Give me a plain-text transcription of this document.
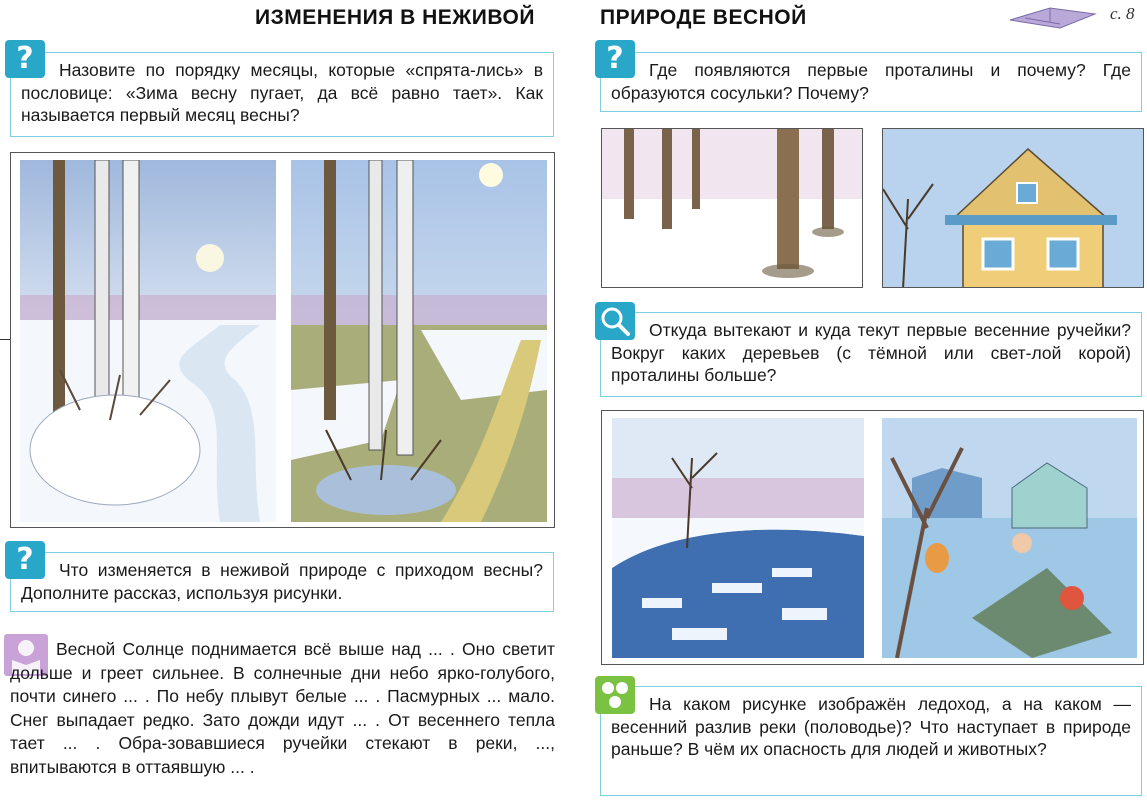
ИЗМЕНЕНИЯ В НЕЖИВОЙ	ПРИРОДЕ ВЕСНОЙ	с. 8
Назовите по порядку месяцы, которые «спрята-лись» в пословице: «Зима весну пугает, да всё равно тает». Как называется первый месяц весны?
?
Что изменяется в неживой природе с приходом весны? Дополните рассказ, используя рисунки.
?
Весной Солнце поднимается всё выше над ... . Оно светит дольше и греет сильнее. В солнечные дни небо ярко-голубого, почти синего ... . По небу плывут белые ... . Пасмурных ... мало. Снег выпадает редко. Зато дожди идут ... . От весеннего тепла тает ... . Обра-зовавшиеся ручейки стекают в реки, ..., впитываются в оттаявшую ... .
Где появляются первые проталины и почему? Где образуются сосульки? Почему?
?
Откуда вытекают и куда текут первые весенние ручейки? Вокруг каких деревьев (с тёмной или свет-лой корой) проталины больше?
На каком рисунке изображён ледоход, а на каком — весенний разлив реки (половодье)? Что наступает в природе раньше? В чём их опасность для людей и животных?
